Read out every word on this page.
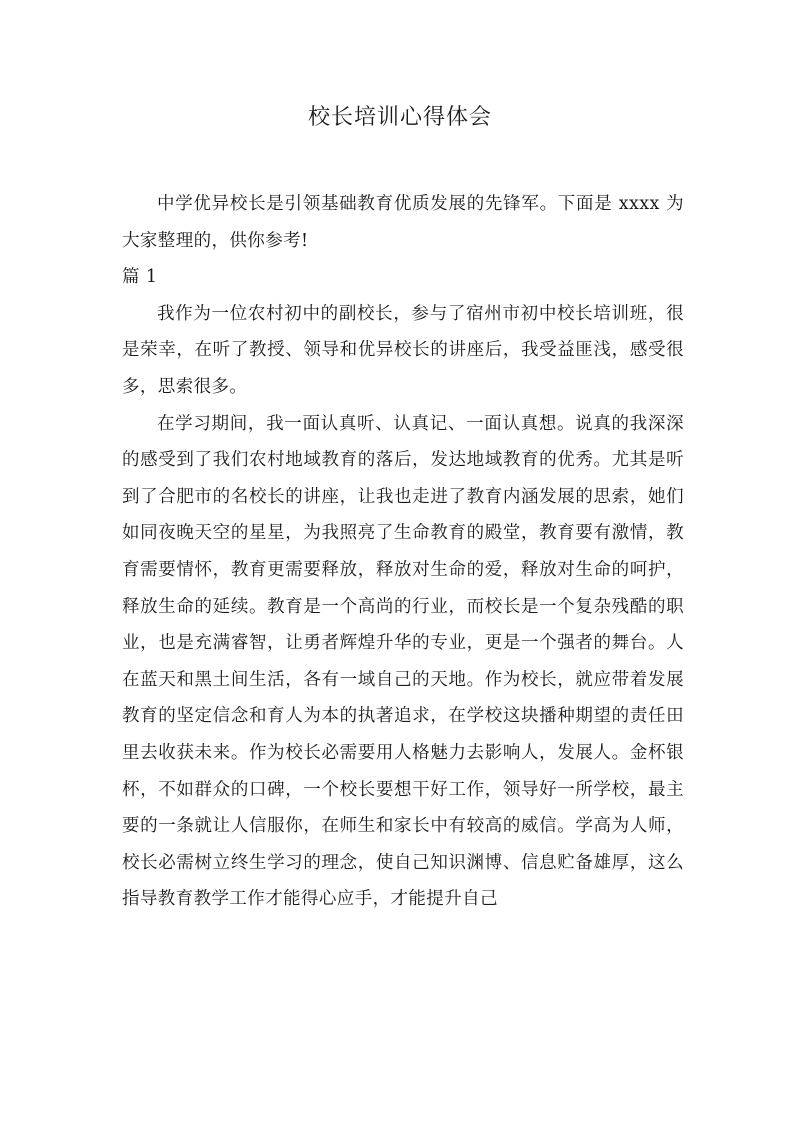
校长培训心得体会

中学优异校长是引领基础教育优质发展的先锋军。下面是 xxxx 为大家整理的，供你参考!

篇 1

我作为一位农村初中的副校长，参与了宿州市初中校长培训班，很是荣幸，在听了教授、领导和优异校长的讲座后，我受益匪浅，感受很多，思索很多。

在学习期间，我一面认真听、认真记、一面认真想。说真的我深深的感受到了我们农村地域教育的落后，发达地域教育的优秀。尤其是听到了合肥市的名校长的讲座，让我也走进了教育内涵发展的思索，她们如同夜晚天空的星星，为我照亮了生命教育的殿堂，教育要有激情，教育需要情怀，教育更需要释放，释放对生命的爱，释放对生命的呵护，释放生命的延续。教育是一个高尚的行业，而校长是一个复杂残酷的职业，也是充满睿智，让勇者辉煌升华的专业，更是一个强者的舞台。人在蓝天和黑土间生活，各有一域自己的天地。作为校长，就应带着发展教育的坚定信念和育人为本的执著追求，在学校这块播种期望的责任田里去收获未来。作为校长必需要用人格魅力去影响人，发展人。金杯银杯，不如群众的口碑，一个校长要想干好工作，领导好一所学校，最主要的一条就让人信服你，在师生和家长中有较高的威信。学高为人师，校长必需树立终生学习的理念，使自己知识渊博、信息贮备雄厚，这么指导教育教学工作才能得心应手，才能提升自己
